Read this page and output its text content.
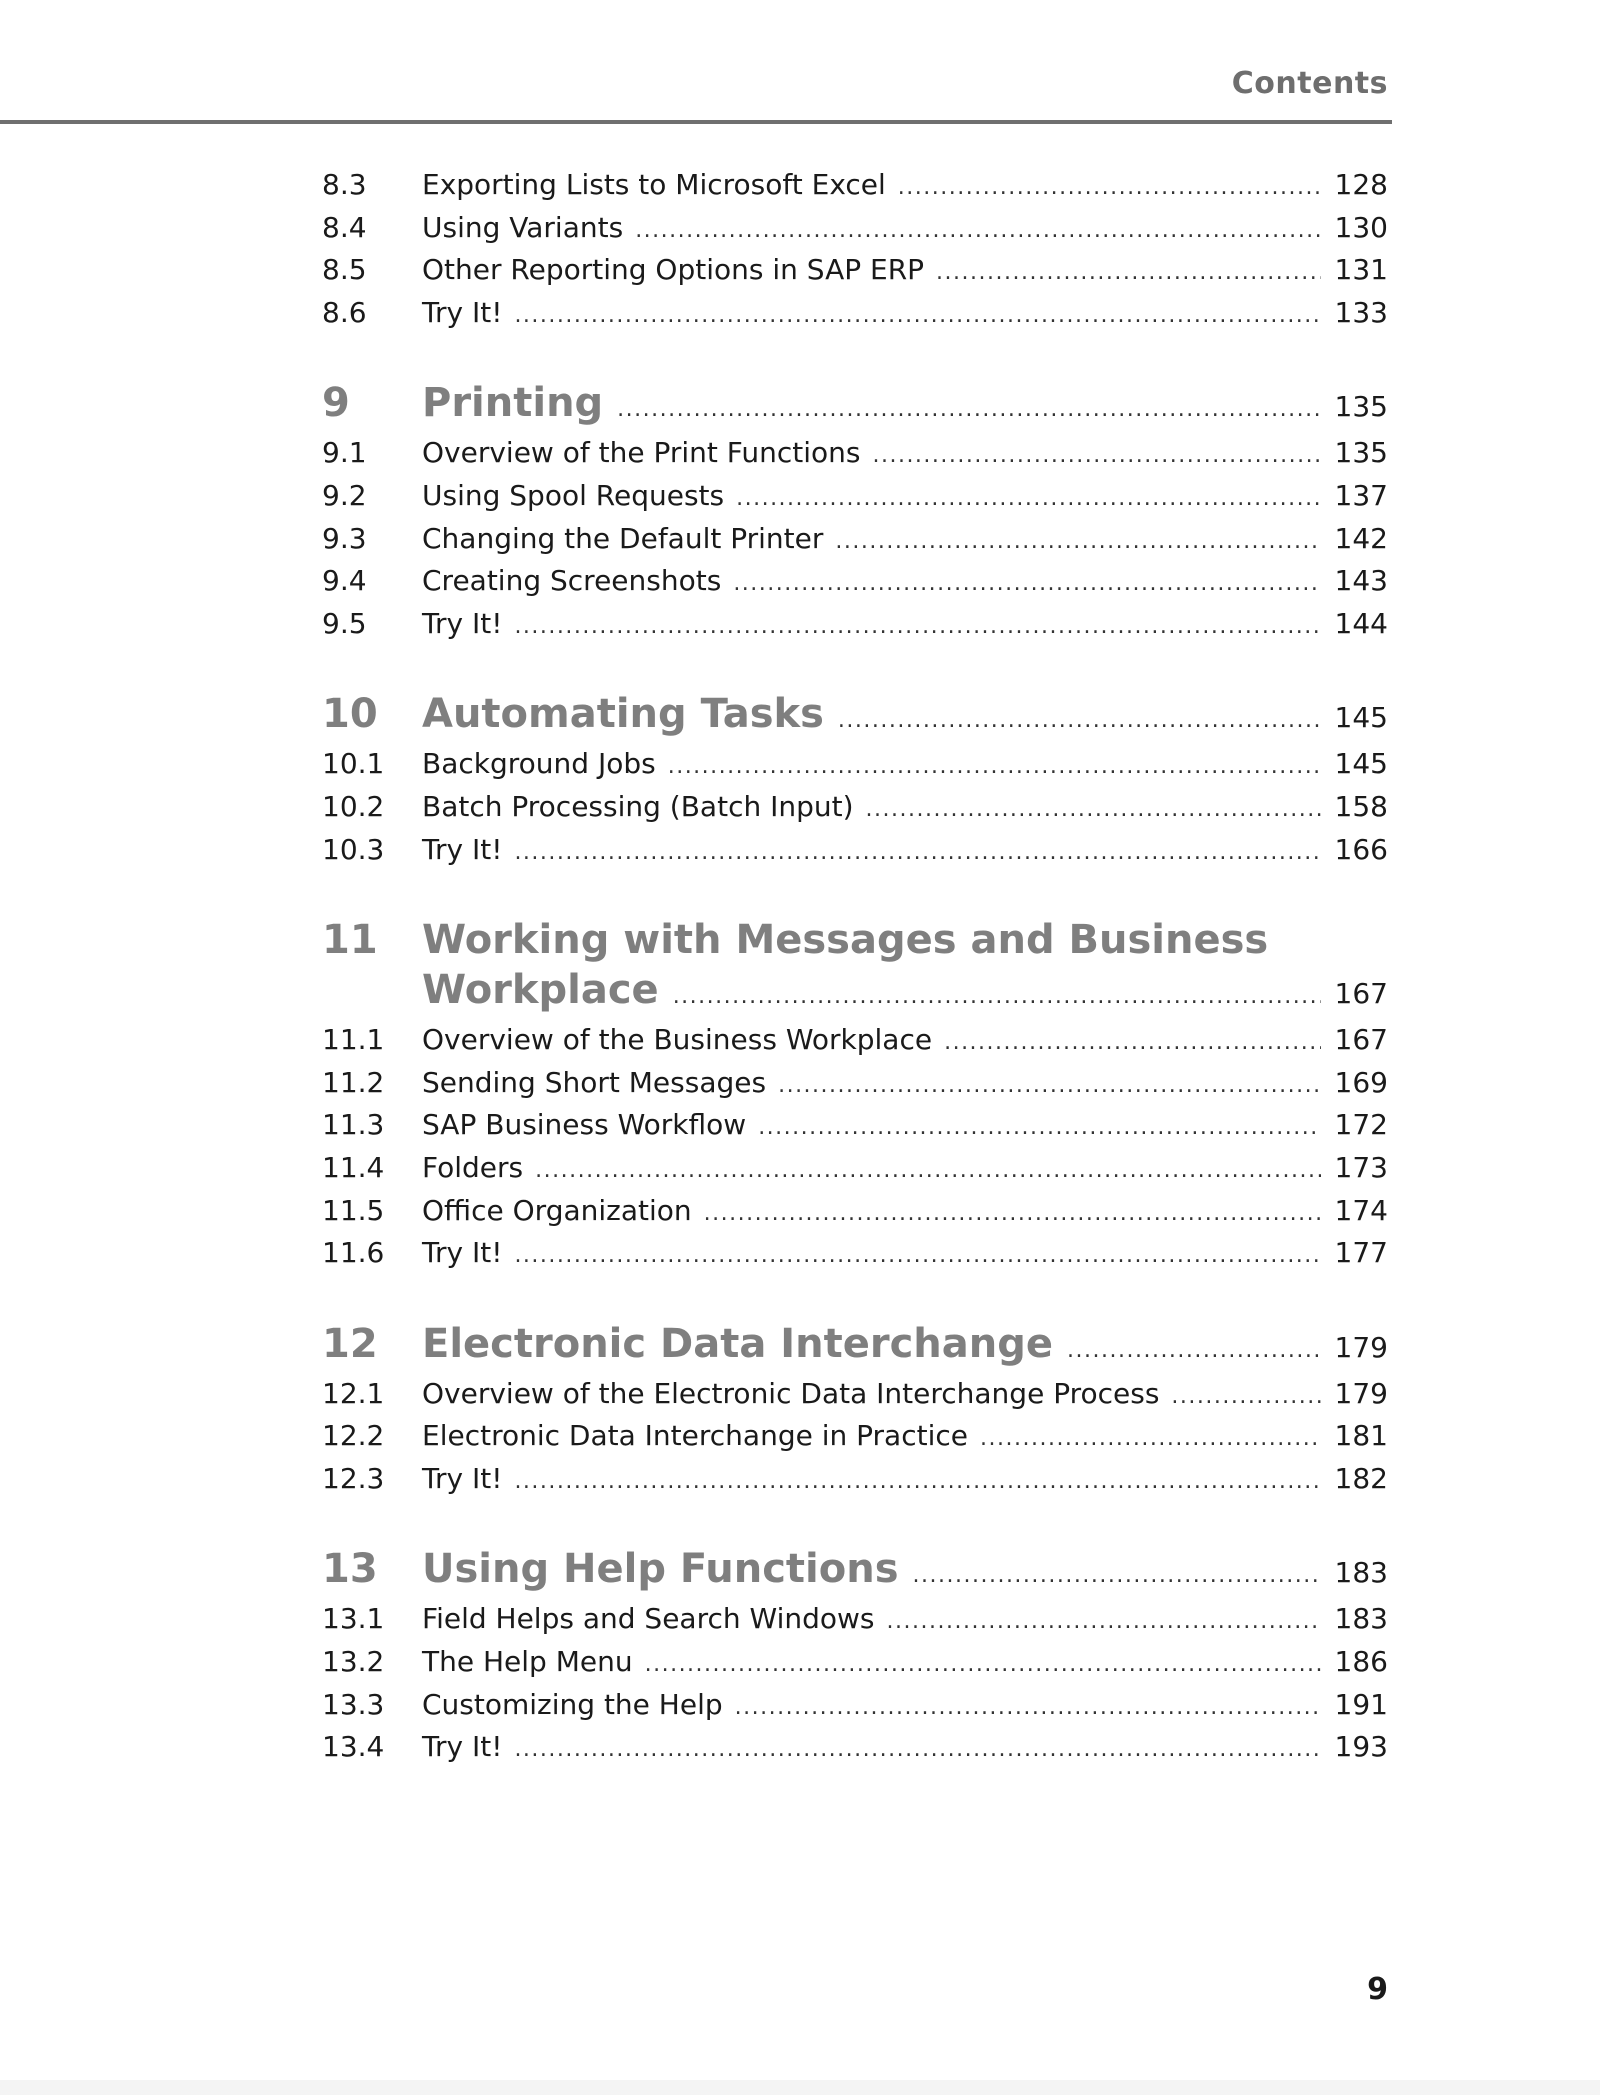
Contents
8.3	Exporting Lists to Microsoft Excel .....	128
8.4	Using Variants .....	130
8.5	Other Reporting Options in SAP ERP .....	131
8.6	Try It! .....	133
9	Printing .....	135
9.1	Overview of the Print Functions .....	135
9.2	Using Spool Requests .....	137
9.3	Changing the Default Printer .....	142
9.4	Creating Screenshots .....	143
9.5	Try It! .....	144
10	Automating Tasks .....	145
10.1	Background Jobs .....	145
10.2	Batch Processing (Batch Input) .....	158
10.3	Try It! .....	166
11	Working with Messages and Business
Workplace .....	167
11.1	Overview of the Business Workplace .....	167
11.2	Sending Short Messages .....	169
11.3	SAP Business Workflow .....	172
11.4	Folders .....	173
11.5	Office Organization .....	174
11.6	Try It! .....	177
12	Electronic Data Interchange .....	179
12.1	Overview of the Electronic Data Interchange Process .....	179
12.2	Electronic Data Interchange in Practice .....	181
12.3	Try It! .....	182
13	Using Help Functions .....	183
13.1	Field Helps and Search Windows .....	183
13.2	The Help Menu .....	186
13.3	Customizing the Help .....	191
13.4	Try It! .....	193
9
